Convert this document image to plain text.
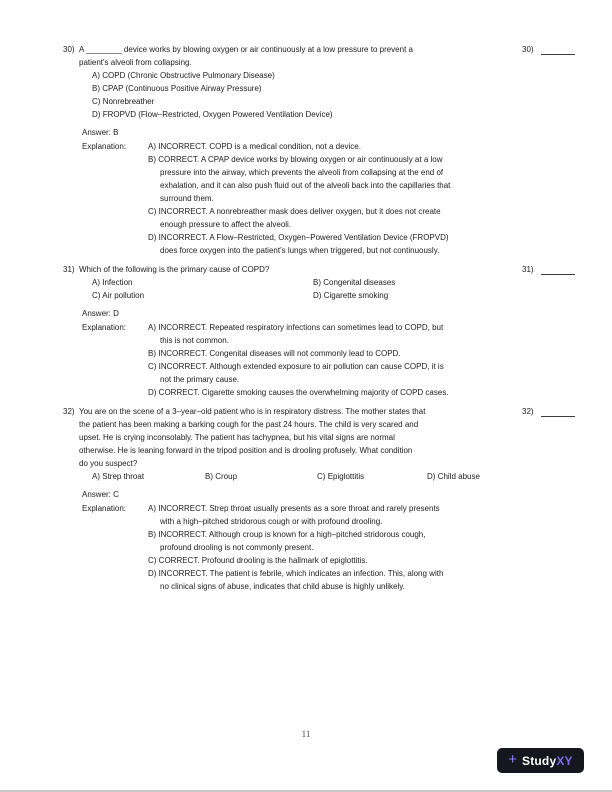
30)
30) A ________ device works by blowing oxygen or air continuously at a low pressure to prevent a
patient's alveoli from collapsing.
A) COPD (Chronic Obstructive Pulmonary Disease)
B) CPAP (Continuous Positive Airway Pressure)
C) Nonrebreather
D) FROPVD (Flow–Restricted, Oxygen Powered Ventilation Device)
Answer: B
Explanation:	A) INCORRECT. COPD is a medical condition, not a device.
B) CORRECT. A CPAP device works by blowing oxygen or air continuously at a low
pressure into the airway, which prevents the alveoli from collapsing at the end of
exhalation, and it can also push fluid out of the alveoli back into the capillaries that
surround them.
C) INCORRECT. A nonrebreather mask does deliver oxygen, but it does not create
enough pressure to affect the alveoli.
D) INCORRECT. A Flow–Restricted, Oxygen–Powered Ventilation Device (FROPVD)
does force oxygen into the patient's lungs when triggered, but not continuously.
31)
31) Which of the following is the primary cause of COPD?
A) Infection	B) Congenital diseases
C) Air pollution	D) Cigarette smoking
Answer: D
Explanation:	A) INCORRECT. Repeated respiratory infections can sometimes lead to COPD, but
this is not common.
B) INCORRECT. Congenital diseases will not commonly lead to COPD.
C) INCORRECT. Although extended exposure to air pollution can cause COPD, it is
not the primary cause.
D) CORRECT. Cigarette smoking causes the overwhelming majority of COPD cases.
32)
32) You are on the scene of a 3–year–old patient who is in respiratory distress. The mother states that
the patient has been making a barking cough for the past 24 hours. The child is very scared and
upset. He is crying inconsolably. The patient has tachypnea, but his vital signs are normal
otherwise. He is leaning forward in the tripod position and is drooling profusely. What condition
do you suspect?
A) Strep throat	B) Croup	C) Epiglottitis	D) Child abuse
Answer: C
Explanation:	A) INCORRECT. Strep throat usually presents as a sore throat and rarely presents
with a high–pitched stridorous cough or with profound drooling.
B) INCORRECT. Although croup is known for a high–pitched stridorous cough,
profound drooling is not commonly present.
C) CORRECT. Profound drooling is the hallmark of epiglottitis.
D) INCORRECT. The patient is febrile, which indicates an infection. This, along with
no clinical signs of abuse, indicates that child abuse is highly unlikely.
11
+ StudyXY
